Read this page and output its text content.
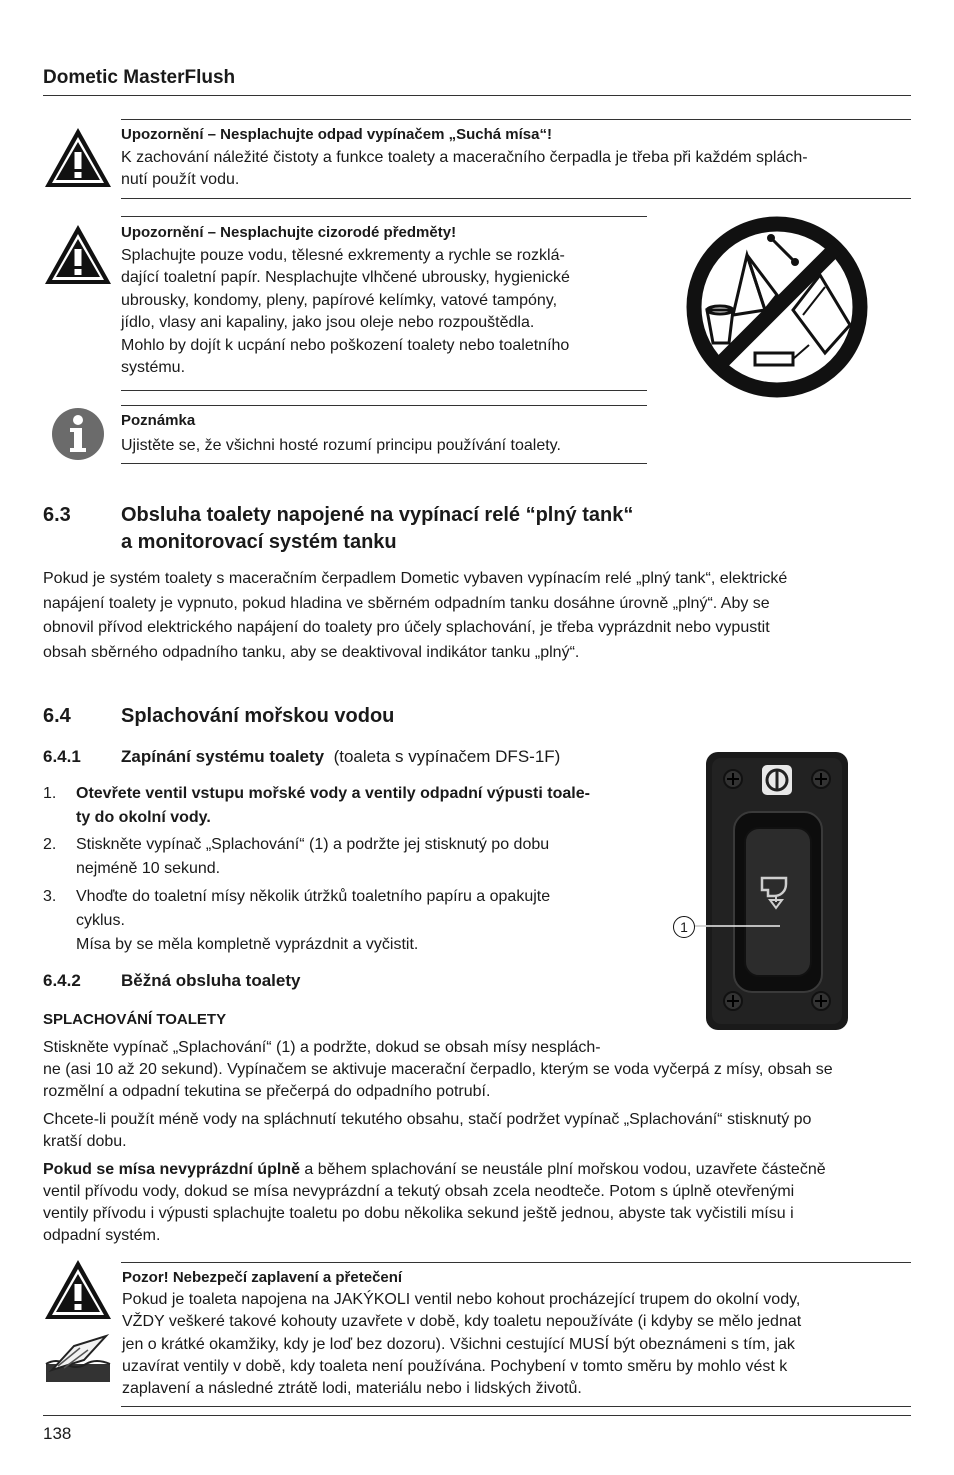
Dometic MasterFlush

Upozornění – Nesplachujte odpad vypínačem „Suchá mísa“!

K zachování náležité čistoty a funkce toalety a maceračního čerpadla je třeba při každém splách-

nutí použít vodu.

Upozornění – Nesplachujte cizorodé předměty!

Splachujte pouze vodu, tělesné exkrementy a rychle se rozklá-

dající toaletní papír. Nesplachujte vlhčené ubrousky, hygienické

ubrousky, kondomy, pleny, papírové kelímky, vatové tampóny,

jídlo, vlasy ani kapaliny, jako jsou oleje nebo rozpouštědla.

Mohlo by dojít k ucpání nebo poškození toalety nebo toaletního

systému.

Poznámka

Ujistěte se, že všichni hosté rozumí principu používání toalety.

6.3	Obsluha toalety napojené na vypínací relé “plný tank“

a monitorovací systém tanku

Pokud je systém toalety s maceračním čerpadlem Dometic vybaven vypínacím relé „plný tank“, elektrické

napájení toalety je vypnuto, pokud hladina ve sběrném odpadním tanku dosáhne úrovně „plný“. Aby se

obnovil přívod elektrického napájení do toalety pro účely splachování, je třeba vyprázdnit nebo vypustit

obsah sběrného odpadního tanku, aby se deaktivoval indikátor tanku „plný“.

6.4	Splachování mořskou vodou
6.4.1 Zapínání systému toalety (toaleta s vypínačem DFS-1F)
1.	Otevřete ventil vstupu mořské vody a ventily odpadní výpusti toale-

ty do okolní vody.

2.	Stiskněte vypínač „Splachování“ (1) a podržte jej stisknutý po dobu

nejméně 10 sekund.

3.	Vhoďte do toaletní mísy několik útržků toaletního papíru a opakujte

cyklus.

Mísa by se měla kompletně vyprázdnit a vyčistit.

1
6.4.2 Běžná obsluha toalety
SPLACHOVÁNÍ TOALETY

Stiskněte vypínač „Splachování“ (1) a podržte, dokud se obsah mísy nesplách-

ne (asi 10 až 20 sekund). Vypínačem se aktivuje macerační čerpadlo, kterým se voda vyčerpá z mísy, obsah se

rozmělní a odpadní tekutina se přečerpá do odpadního potrubí.

Chcete-li použít méně vody na spláchnutí tekutého obsahu, stačí podržet vypínač „Splachování“ stisknutý po

kratší dobu.

Pokud se mísa nevyprázdní úplně a během splachování se neustále plní mořskou vodou, uzavřete částečně

ventil přívodu vody, dokud se mísa nevyprázdní a tekutý obsah zcela neodteče. Potom s úplně otevřenými

ventily přívodu i výpusti splachujte toaletu po dobu několika sekund ještě jednou, abyste tak vyčistili mísu i

odpadní systém.

Pozor! Nebezpečí zaplavení a přetečení

Pokud je toaleta napojena na JAKÝKOLI ventil nebo kohout procházející trupem do okolní vody,

VŽDY veškeré takové kohouty uzavřete v době, kdy toaletu nepoužíváte (i kdyby se mělo jednat

jen o krátké okamžiky, kdy je loď bez dozoru). Všichni cestující MUSÍ být obeznámeni s tím, jak

uzavírat ventily v době, kdy toaleta není používána. Pochybení v tomto směru by mohlo vést k

zaplavení a následné ztrátě lodi, materiálu nebo i lidských životů.

138
